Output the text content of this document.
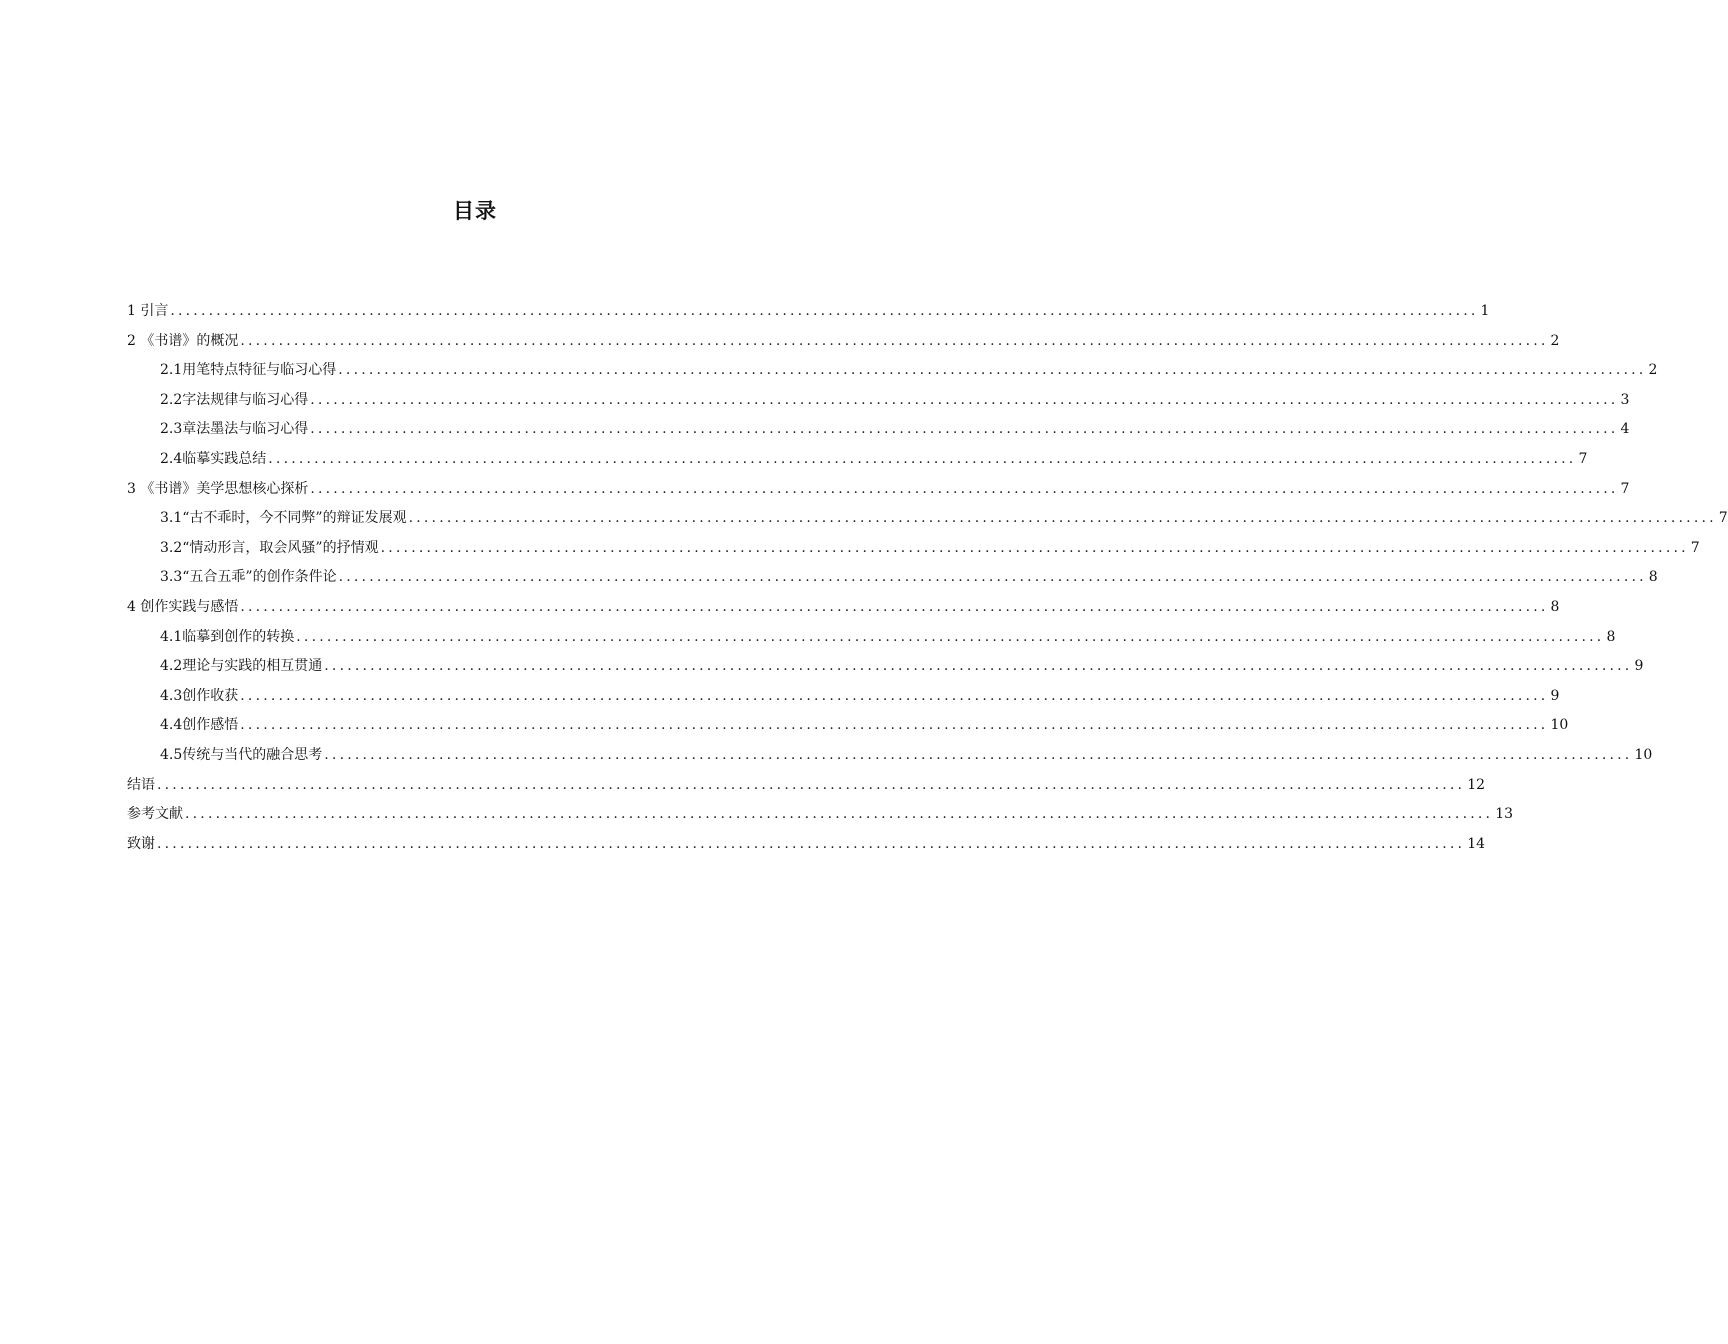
目录
1 引言 ........................................................................................................................................................................... 1
2 《书谱》的概况 ........................................................................................................................................................................... 2
2.1用笔特点特征与临习心得 ........................................................................................................................................................................... 2
2.2字法规律与临习心得 ........................................................................................................................................................................... 3
2.3章法墨法与临习心得 ........................................................................................................................................................................... 4
2.4临摹实践总结 ........................................................................................................................................................................... 7
3 《书谱》美学思想核心探析 ........................................................................................................................................................................... 7
3.1“古不乖时，今不同弊”的辩证发展观 ........................................................................................................................................................................... 7
3.2“情动形言，取会风骚”的抒情观 ........................................................................................................................................................................... 7
3.3“五合五乖”的创作条件论 ........................................................................................................................................................................... 8
4 创作实践与感悟 ........................................................................................................................................................................... 8
4.1临摹到创作的转换 ........................................................................................................................................................................... 8
4.2理论与实践的相互贯通 ........................................................................................................................................................................... 9
4.3创作收获 ........................................................................................................................................................................... 9
4.4创作感悟 ........................................................................................................................................................................... 10
4.5传统与当代的融合思考 ........................................................................................................................................................................... 10
结语 ........................................................................................................................................................................... 12
参考文献 ........................................................................................................................................................................... 13
致谢 ........................................................................................................................................................................... 14
